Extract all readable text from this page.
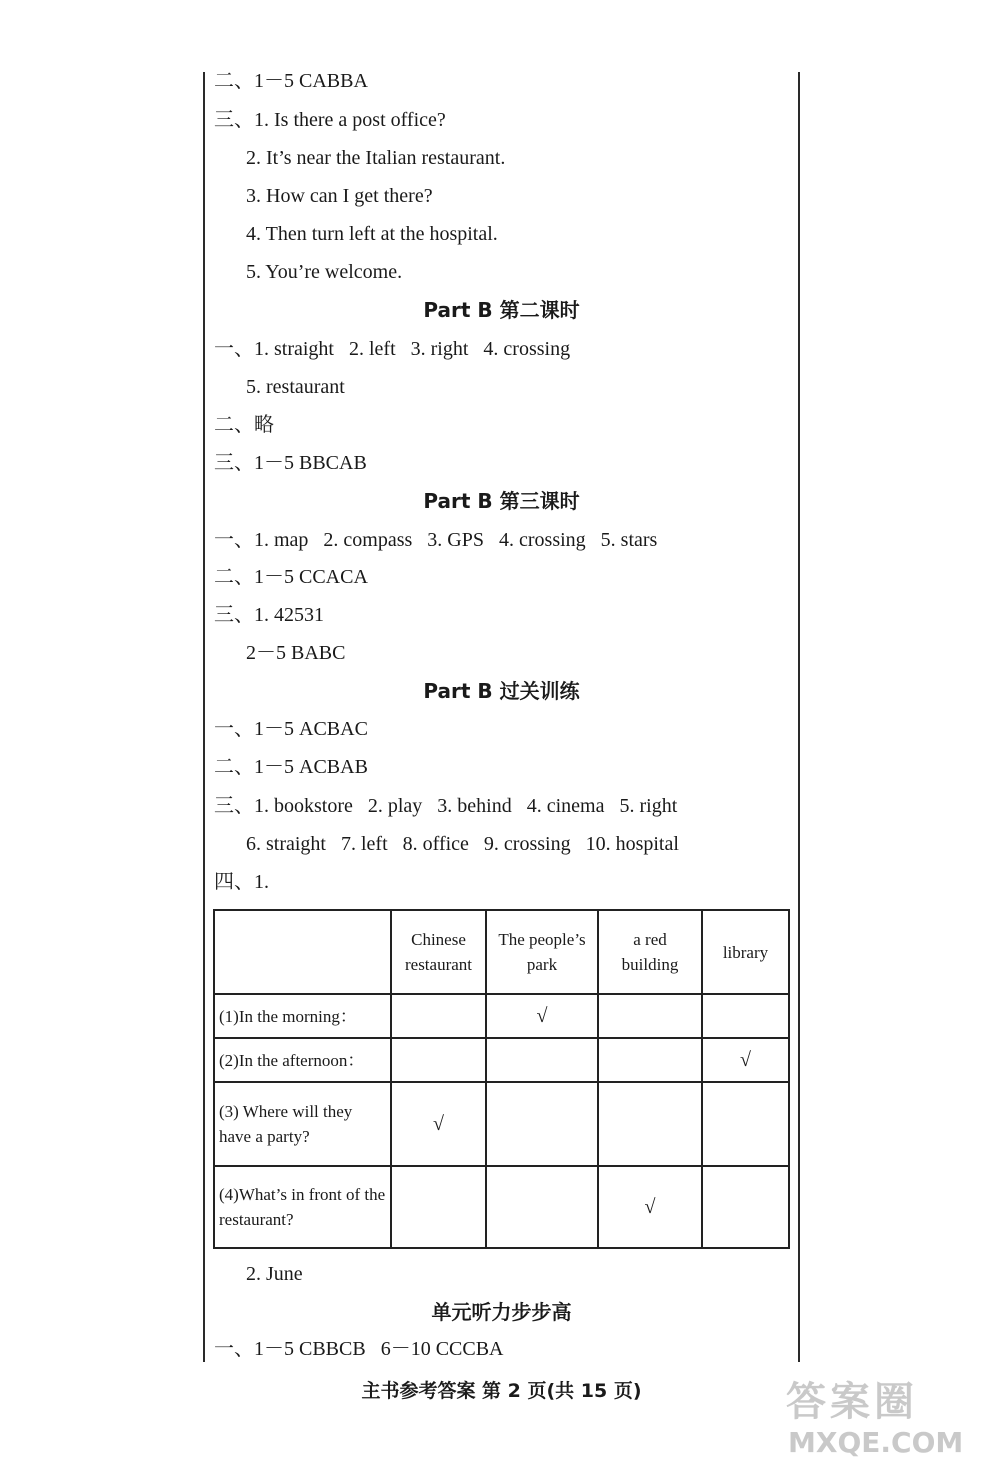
二、1－5 CABBA
三、1. Is there a post office?
2. It’s near the Italian restaurant.
3. How can I get there?
4. Then turn left at the hospital.
5. You’re welcome.
Part B 第二课时
一、1. straight   2. left   3. right   4. crossing
5. restaurant
二、略
三、1－5 BBCAB
Part B 第三课时
一、1. map   2. compass   3. GPS   4. crossing   5. stars
二、1－5 CCACA
三、1. 42531
2－5 BABC
Part B 过关训练
一、1－5 ACBAC
二、1－5 ACBAB
三、1. bookstore   2. play   3. behind   4. cinema   5. right
6. straight   7. left   8. office   9. crossing   10. hospital
四、1.
	Chinese restaurant	The people’s park	a red building	library
(1)In the morning：		√		
(2)In the afternoon：				√
(3) Where will they have a party?	√			
(4)What’s in front of the restaurant?			√	
2. June
单元听力步步高
一、1－5 CBBCB   6－10 CCCBA
主书参考答案 第 2 页(共 15 页)	答案圈
MXQE.COM
